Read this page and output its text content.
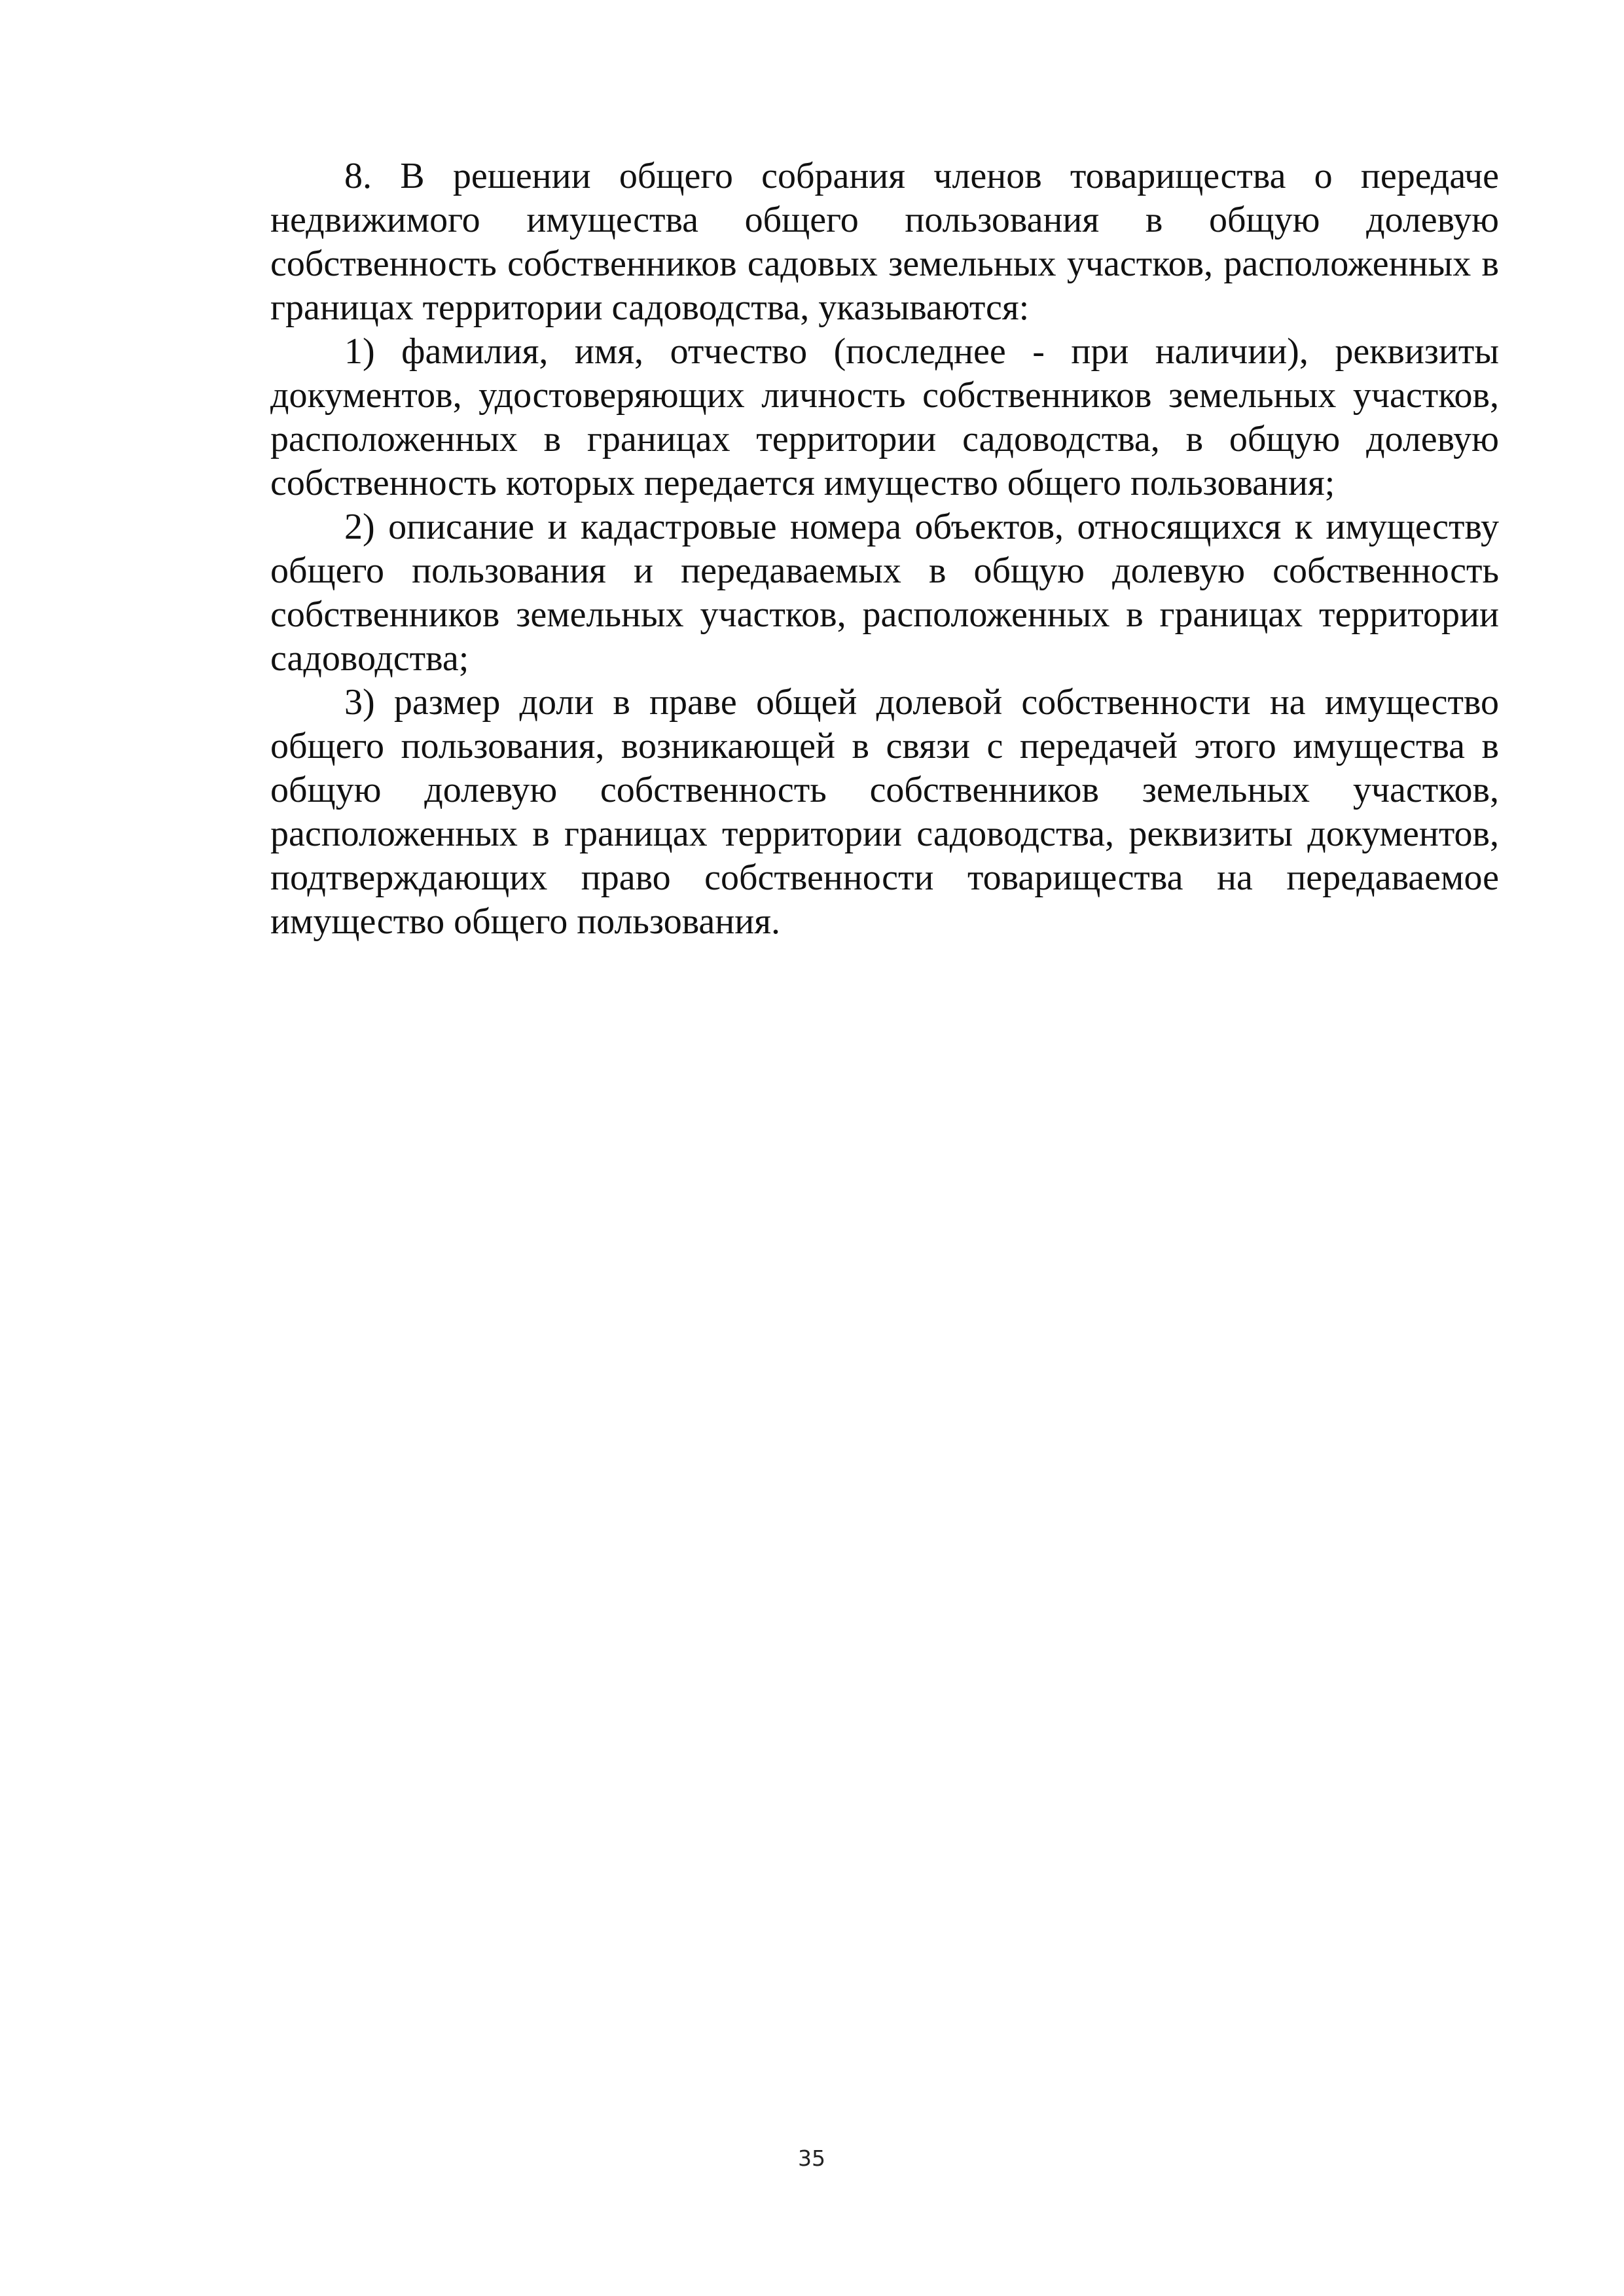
8. В решении общего собрания членов товарищества о передаче недвижимого имущества общего пользования в общую долевую собственность собственников садовых земельных участков, расположенных в границах территории садоводства, указываются:

1) фамилия, имя, отчество (последнее - при наличии), реквизиты документов, удостоверяющих личность собственников земельных участков, расположенных в границах территории садоводства, в общую долевую собственность которых передается имущество общего пользования;

2) описание и кадастровые номера объектов, относящихся к имуществу общего пользования и передаваемых в общую долевую собственность собственников земельных участков, расположенных в границах территории садоводства;

3) размер доли в праве общей долевой собственности на имущество общего пользования, возникающей в связи с передачей этого имущества в общую долевую собственность собственников земельных участков, расположенных в границах территории садоводства, реквизиты документов, подтверждающих право собственности товарищества на передаваемое имущество общего пользования.

35
